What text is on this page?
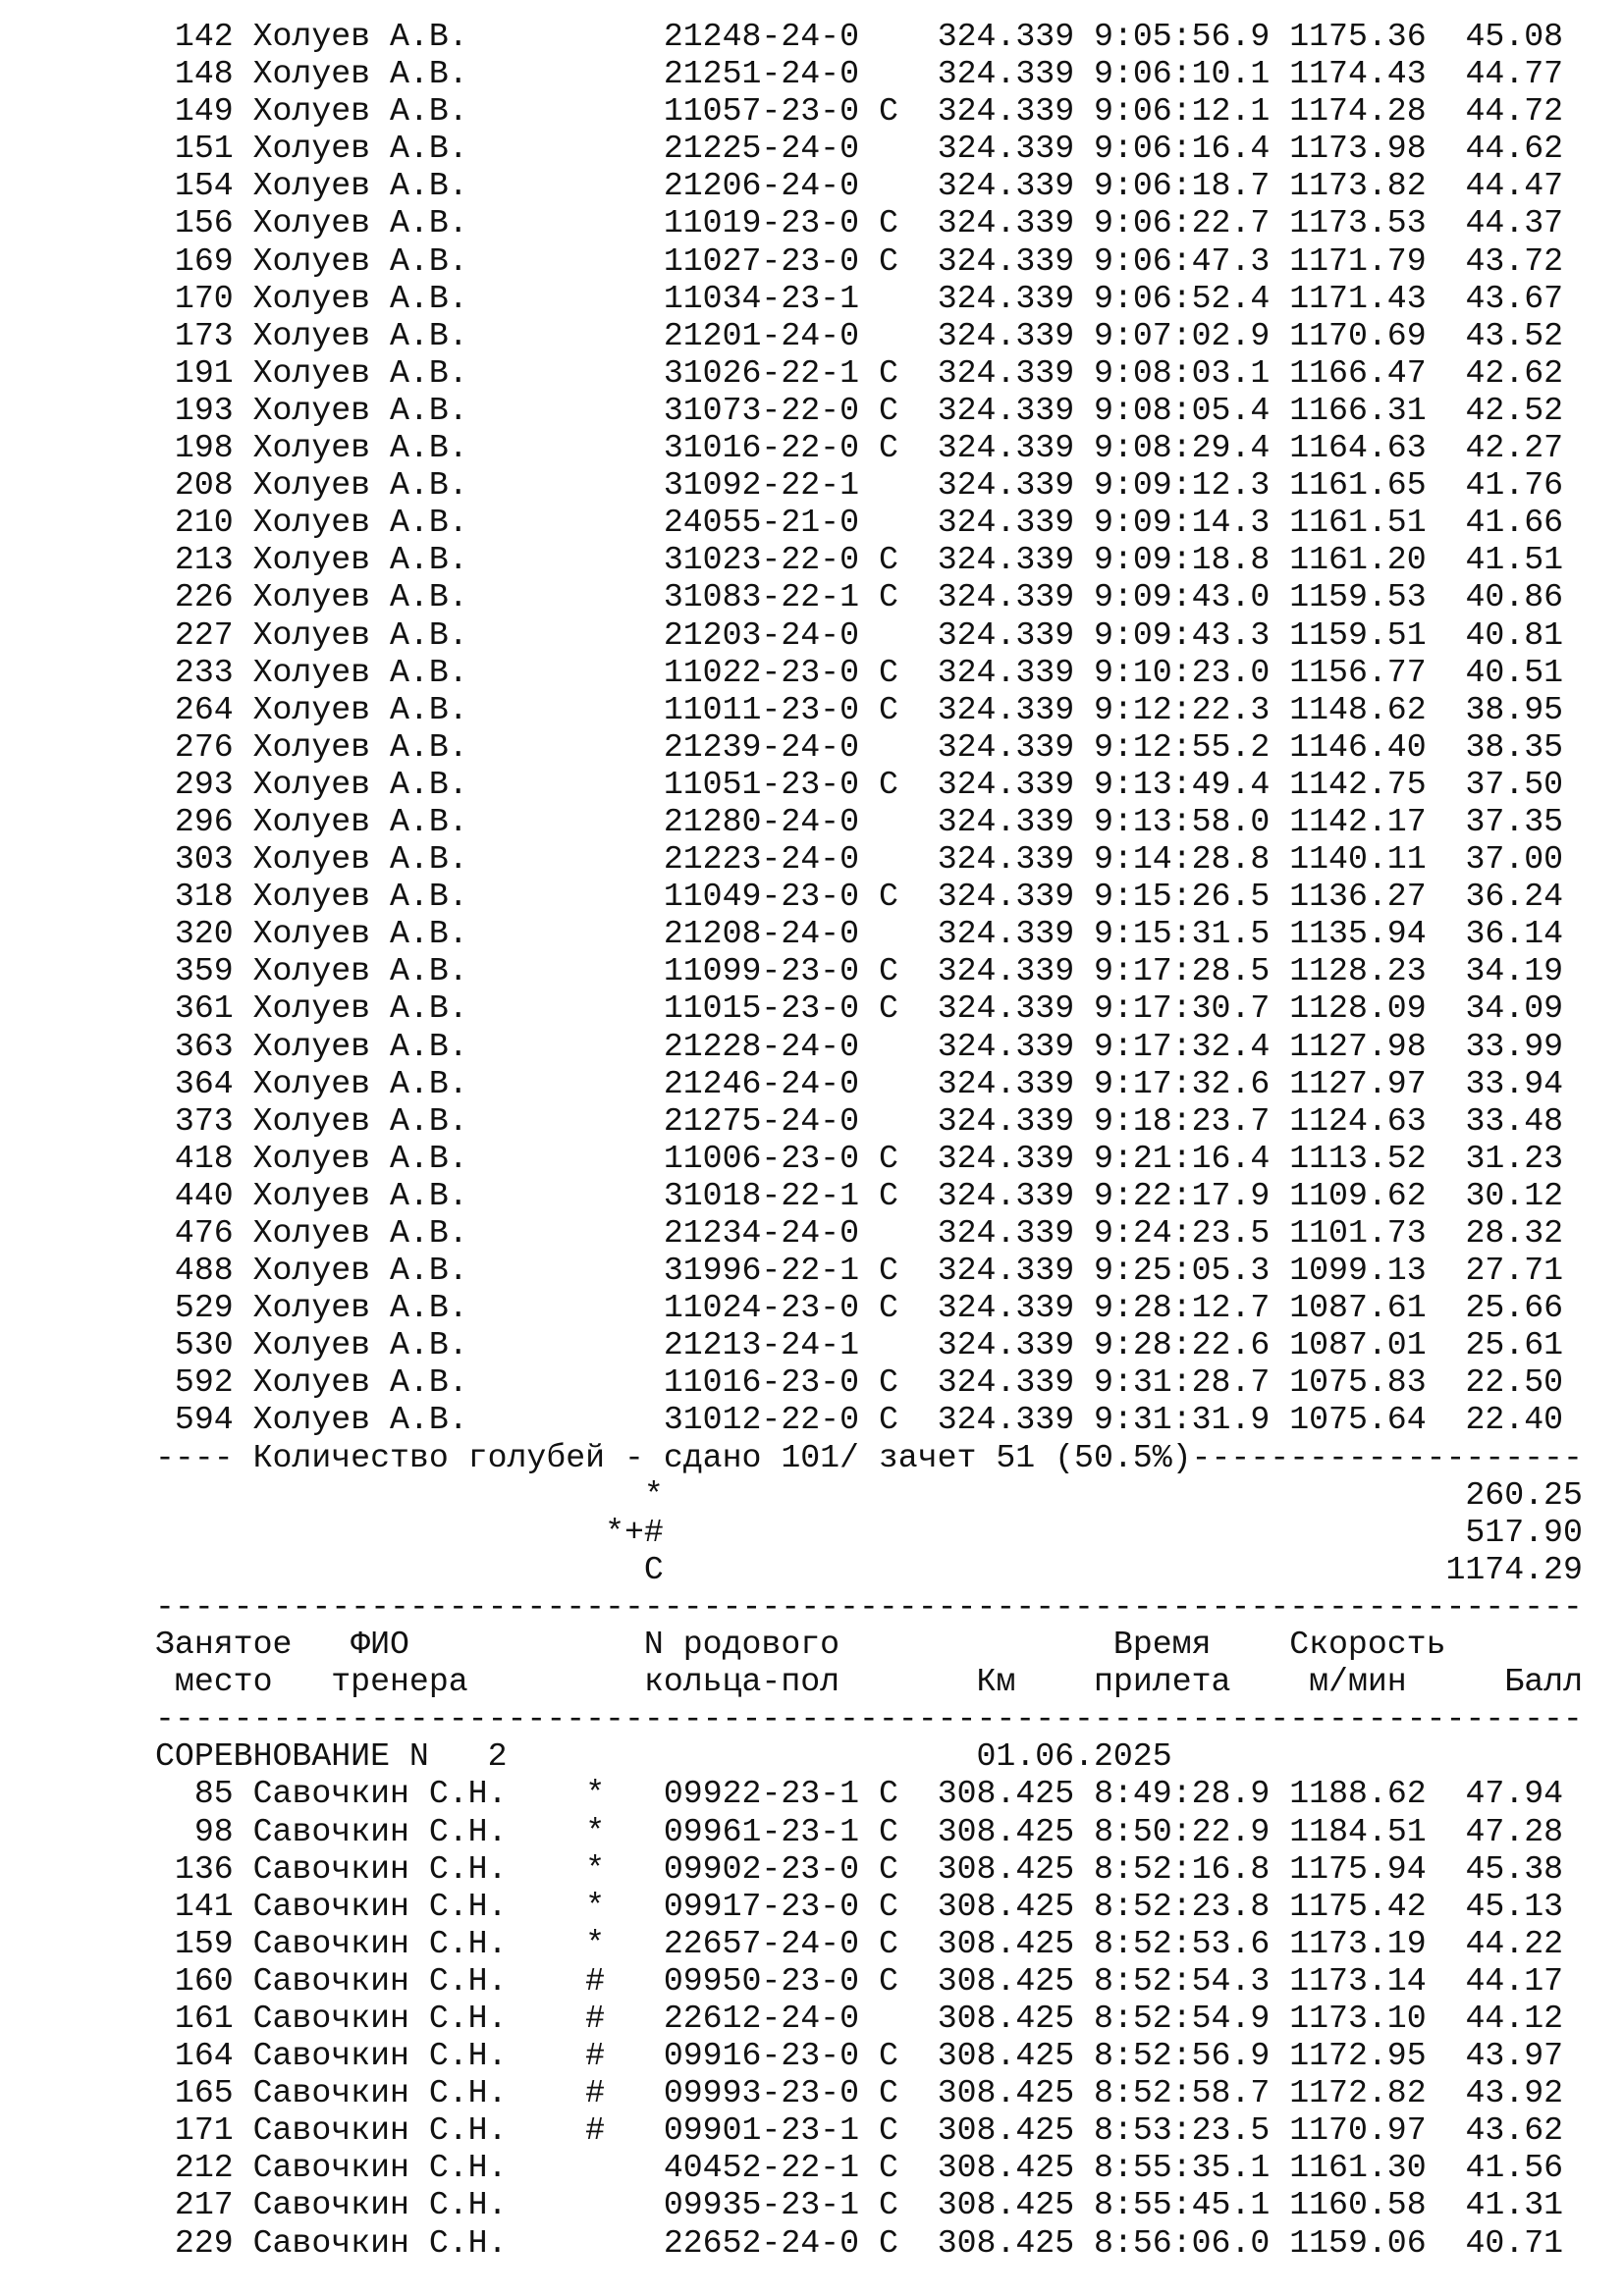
142 Холуев А.В.	21248-24-0 324.339 9:05:56.9 1175.36 45.08
148 Холуев А.В.	21251-24-0 324.339 9:06:10.1 1174.43 44.77
149 Холуев А.В.	11057-23-0 C 324.339 9:06:12.1 1174.28 44.72
151 Холуев А.В.	21225-24-0 324.339 9:06:16.4 1173.98 44.62
154 Холуев А.В.	21206-24-0 324.339 9:06:18.7 1173.82 44.47
156 Холуев А.В.	11019-23-0 C 324.339 9:06:22.7 1173.53 44.37
169 Холуев А.В.	11027-23-0 C 324.339 9:06:47.3 1171.79 43.72
170 Холуев А.В.	11034-23-1 324.339 9:06:52.4 1171.43 43.67
173 Холуев А.В.	21201-24-0 324.339 9:07:02.9 1170.69 43.52
191 Холуев А.В.	31026-22-1 C 324.339 9:08:03.1 1166.47 42.62
193 Холуев А.В.	31073-22-0 C 324.339 9:08:05.4 1166.31 42.52
198 Холуев А.В.	31016-22-0 C 324.339 9:08:29.4 1164.63 42.27
208 Холуев А.В.	31092-22-1 324.339 9:09:12.3 1161.65 41.76
210 Холуев А.В.	24055-21-0 324.339 9:09:14.3 1161.51 41.66
213 Холуев А.В.	31023-22-0 C 324.339 9:09:18.8 1161.20 41.51
226 Холуев А.В.	31083-22-1 C 324.339 9:09:43.0 1159.53 40.86
227 Холуев А.В.	21203-24-0 324.339 9:09:43.3 1159.51 40.81
233 Холуев А.В.	11022-23-0 C 324.339 9:10:23.0 1156.77 40.51
264 Холуев А.В.	11011-23-0 C 324.339 9:12:22.3 1148.62 38.95
276 Холуев А.В.	21239-24-0 324.339 9:12:55.2 1146.40 38.35
293 Холуев А.В.	11051-23-0 C 324.339 9:13:49.4 1142.75 37.50
296 Холуев А.В.	21280-24-0 324.339 9:13:58.0 1142.17 37.35
303 Холуев А.В.	21223-24-0 324.339 9:14:28.8 1140.11 37.00
318 Холуев А.В.	11049-23-0 C 324.339 9:15:26.5 1136.27 36.24
320 Холуев А.В.	21208-24-0 324.339 9:15:31.5 1135.94 36.14
359 Холуев А.В.	11099-23-0 C 324.339 9:17:28.5 1128.23 34.19
361 Холуев А.В.	11015-23-0 C 324.339 9:17:30.7 1128.09 34.09
363 Холуев А.В.	21228-24-0 324.339 9:17:32.4 1127.98 33.99
364 Холуев А.В.	21246-24-0 324.339 9:17:32.6 1127.97 33.94
373 Холуев А.В.	21275-24-0 324.339 9:18:23.7 1124.63 33.48
418 Холуев А.В.	11006-23-0 C 324.339 9:21:16.4 1113.52 31.23
440 Холуев А.В.	31018-22-1 C 324.339 9:22:17.9 1109.62 30.12
476 Холуев А.В.	21234-24-0 324.339 9:24:23.5 1101.73 28.32
488 Холуев А.В.	31996-22-1 C 324.339 9:25:05.3 1099.13 27.71
529 Холуев А.В.	11024-23-0 C 324.339 9:28:12.7 1087.61 25.66
530 Холуев А.В.	21213-24-1 324.339 9:28:22.6 1087.01 25.61
592 Холуев А.В.	11016-23-0 C 324.339 9:31:28.7 1075.83 22.50
594 Холуев А.В.	31012-22-0 C 324.339 9:31:31.9 1075.64 22.40
---- Количество голубей - сдано 101/ зачет 51 (50.5%)--------------------
*	260.25
*+#	517.90
C	1174.29
-------------------------------------------------------------------------
Занятое ФИО	N родового	Время Скорость
место тренера	кольца-пол	Км прилета м/мин	Балл
-------------------------------------------------------------------------
СОРЕВНОВАНИЕ N 2	01.06.2025
85 Савочкин С.Н. * 09922-23-1 C 308.425 8:49:28.9 1188.62 47.94
98 Савочкин С.Н. * 09961-23-1 C 308.425 8:50:22.9 1184.51 47.28
136 Савочкин С.Н. * 09902-23-0 C 308.425 8:52:16.8 1175.94 45.38
141 Савочкин С.Н. * 09917-23-0 C 308.425 8:52:23.8 1175.42 45.13
159 Савочкин С.Н. * 22657-24-0 C 308.425 8:52:53.6 1173.19 44.22
160 Савочкин С.Н. # 09950-23-0 C 308.425 8:52:54.3 1173.14 44.17
161 Савочкин С.Н. # 22612-24-0 308.425 8:52:54.9 1173.10 44.12
164 Савочкин С.Н. # 09916-23-0 C 308.425 8:52:56.9 1172.95 43.97
165 Савочкин С.Н. # 09993-23-0 C 308.425 8:52:58.7 1172.82 43.92
171 Савочкин С.Н. # 09901-23-1 C 308.425 8:53:23.5 1170.97 43.62
212 Савочкин С.Н.	40452-22-1 C 308.425 8:55:35.1 1161.30 41.56
217 Савочкин С.Н.	09935-23-1 C 308.425 8:55:45.1 1160.58 41.31
229 Савочкин С.Н.	22652-24-0 C 308.425 8:56:06.0 1159.06 40.71
